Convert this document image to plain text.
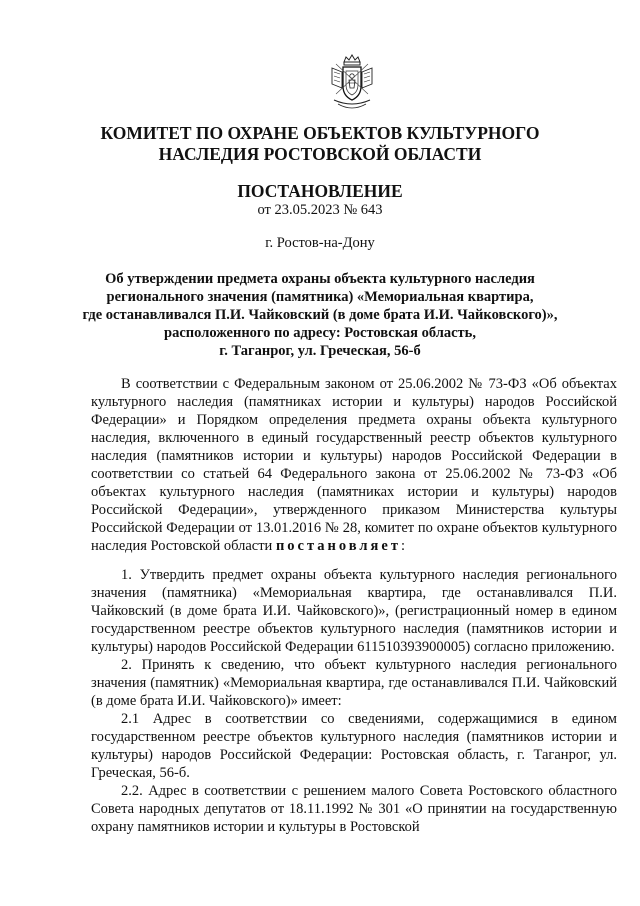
КОМИТЕТ ПО ОХРАНЕ ОБЪЕКТОВ КУЛЬТУРНОГО
НАСЛЕДИЯ РОСТОВСКОЙ ОБЛАСТИ
ПОСТАНОВЛЕНИЕ
от 23.05.2023 № 643
г. Ростов-на-Дону
Об утверждении предмета охраны объекта культурного наследия
регионального значения (памятника) «Мемориальная квартира,
где останавливался П.И. Чайковский (в доме брата И.И. Чайковского)»,
расположенного по адресу: Ростовская область,
г. Таганрог, ул. Греческая, 56-б

В соответствии с Федеральным законом от 25.06.2002 № 73-ФЗ «Об объектах культурного наследия (памятниках истории и культуры) народов Российской Федерации» и Порядком определения предмета охраны объекта культурного наследия, включенного в единый государственный реестр объектов культурного наследия (памятников истории и культуры) народов Российской Федерации в соответствии со статьей 64 Федерального закона от 25.06.2002 № 73-ФЗ «Об объектах культурного наследия (памятниках истории и культуры) народов Российской Федерации», утвержденного приказом Министерства культуры Российской Федерации от 13.01.2016 № 28, комитет по охране объектов культурного наследия Ростовской области постановляет:

1. Утвердить предмет охраны объекта культурного наследия регионального значения (памятника) «Мемориальная квартира, где останавливался П.И. Чайковский (в доме брата И.И. Чайковского)», (регистрационный номер в едином государственном реестре объектов культурного наследия (памятников истории и культуры) народов Российской Федерации 611510393900005) согласно приложению.

2. Принять к сведению, что объект культурного наследия регионального значения (памятник) «Мемориальная квартира, где останавливался П.И. Чайковский (в доме брата И.И. Чайковского)» имеет:

2.1 Адрес в соответствии со сведениями, содержащимися в едином государственном реестре объектов культурного наследия (памятников истории и культуры) народов Российской Федерации: Ростовская область, г. Таганрог, ул. Греческая, 56-б.

2.2. Адрес в соответствии с решением малого Совета Ростовского областного Совета народных депутатов от 18.11.1992 № 301 «О принятии на государственную охрану памятников истории и культуры в Ростовской
